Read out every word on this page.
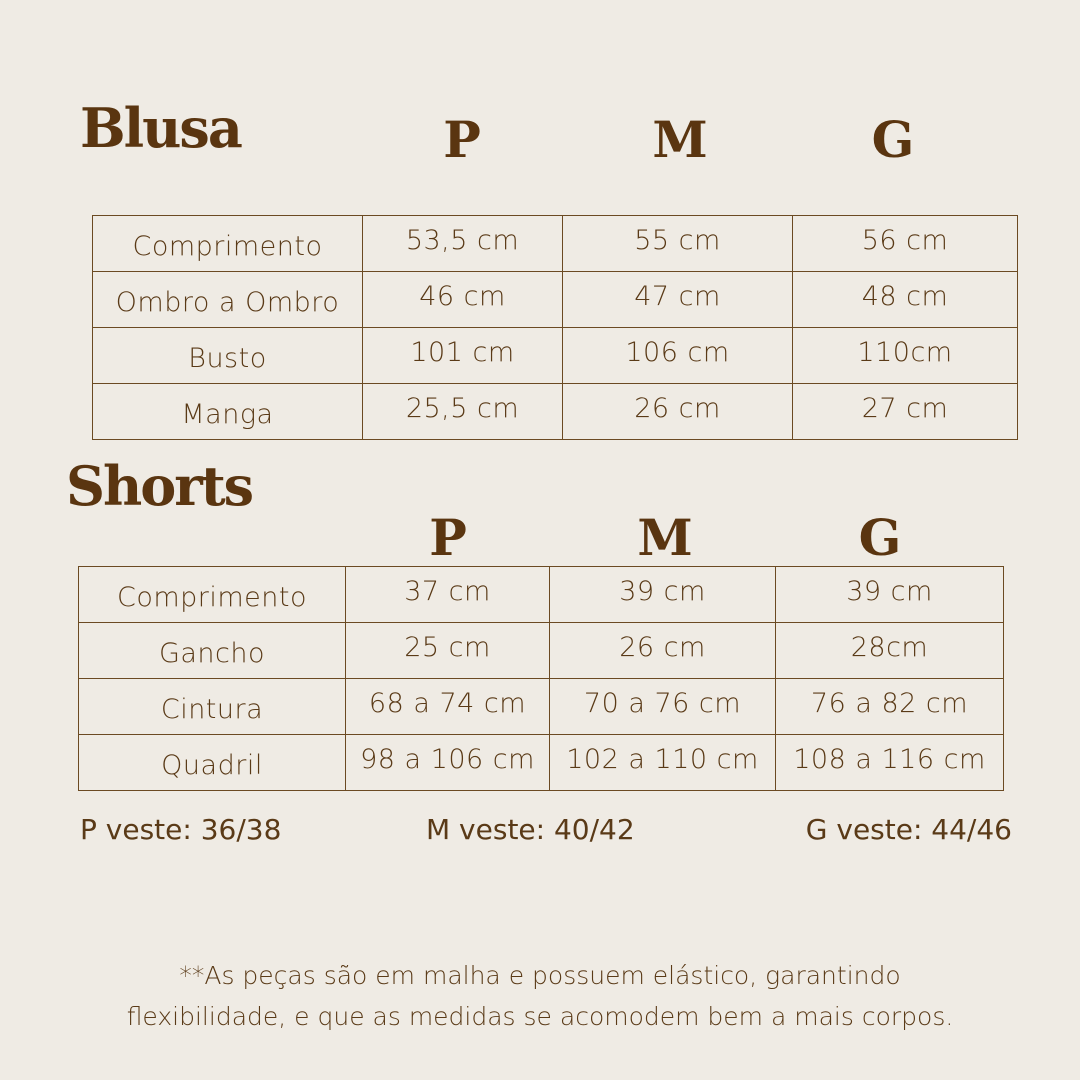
Blusa	P	M	G
Comprimento	53,5 cm	55 cm	56 cm
Ombro a Ombro	46 cm	47 cm	48 cm
Busto	101 cm	106 cm	110cm
Manga	25,5 cm	26 cm	27 cm
Shorts
P	M	G
Comprimento	37 cm	39 cm	39 cm
Gancho	25 cm	26 cm	28cm
Cintura	68 a 74 cm	70 a 76 cm	76 a 82 cm
Quadril	98 a 106 cm	102 a 110 cm	108 a 116 cm
P veste: 36/38	M veste: 40/42	G veste: 44/46
**As peças são em malha e possuem elástico, garantindo
flexibilidade, e que as medidas se acomodem bem a mais corpos.
